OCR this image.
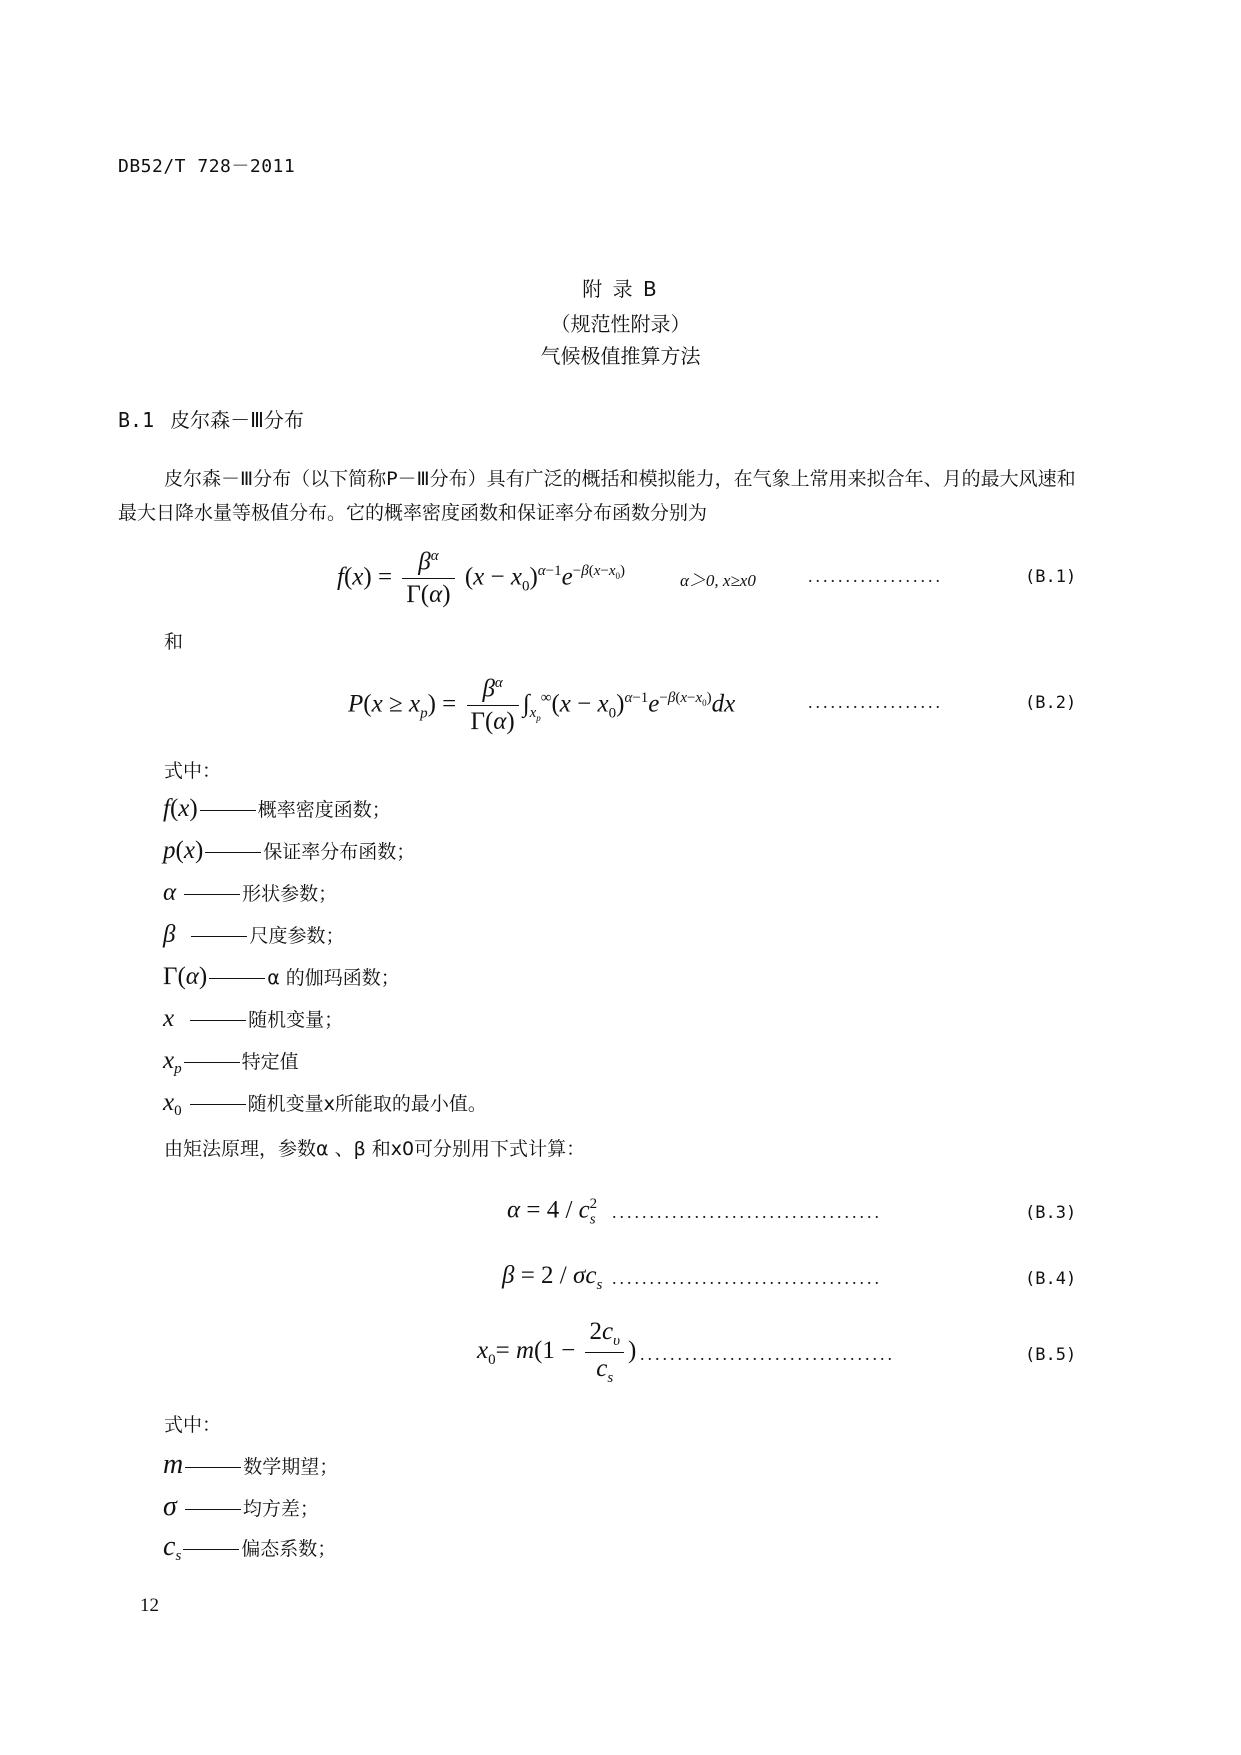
DB52/T 728－2011
附 录 B
（规范性附录）
气候极值推算方法
B.1 皮尔森－Ⅲ分布
皮尔森－Ⅲ分布（以下简称P－Ⅲ分布）具有广泛的概括和模拟能力，在气象上常用来拟合年、月的最大风速和最大日降水量等极值分布。它的概率密度函数和保证率分布函数分别为
$f(x) = \frac{\beta^\alpha}{\Gamma(\alpha)} (x - x_0)^{\alpha-1}e^{-\beta(x-x_0)}$	α＞0, x≥x0	..................	(B.1)
和
$P(x \ge x_p) = \frac{\beta^\alpha}{\Gamma(\alpha)} \int_{x_p}^\infty(x - x_0)^{\alpha-1}e^{-\beta(x-x_0)}dx$	..................	(B.2)
式中：
f(x)	概率密度函数；
p(x)	保证率分布函数；
α	形状参数；
β	尺度参数；
Γ(α)	α 的伽玛函数；
x	随机变量；
$x_p$	特定值
$x_0$	随机变量x所能取的最小值。
由矩法原理，参数α 、β 和x0可分别用下式计算：
$\alpha = 4 / c_s^2$ ....................................	(B.3)
$\beta = 2 / \sigma c_s$ ....................................	(B.4)
$x_0= m(1 - \frac{2c_\upsilon}{c_s}$ ) ..................................	(B.5)
式中：
m	数学期望；
σ	均方差；
$c_s$	偏态系数；
12
